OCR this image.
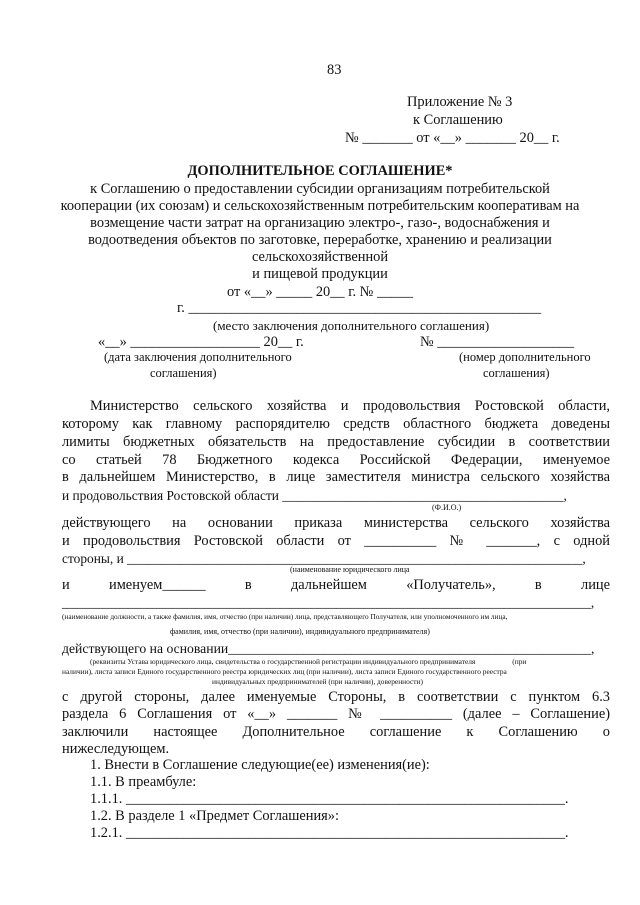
83
Приложение № 3
к Соглашению
№ _______ от «__» _______ 20__ г.
ДОПОЛНИТЕЛЬНОЕ СОГЛАШЕНИЕ*
к Соглашению о предоставлении субсидии организациям потребительской
кооперации (их союзам) и сельскохозяйственным потребительским кооперативам на
возмещение части затрат на организацию электро-, газо-, водоснабжения и
водоотведения объектов по заготовке, переработке, хранению и реализации
сельскохозяйственной
и пищевой продукции
от «__» _____ 20__ г. № _____
г. _________________________________________________
(место заключения дополнительного соглашения)
«__» __________________ 20__ г.	№ ___________________
(дата заключения дополнительного	(номер дополнительного
соглашения)	соглашения)
Министерство сельского хозяйства и продовольствия Ростовской области,
которому как главному распорядителю средств областного бюджета доведены
лимиты бюджетных обязательств на предоставление субсидии в соответствии
со статьей 78 Бюджетного кодекса Российской Федерации, именуемое
в дальнейшем Министерство, в лице заместителя министра сельского хозяйства
и продовольствия Ростовской области __________________________________________,
(Ф.И.О.)
действующего на основании приказа министерства сельского хозяйства
и продовольствия Ростовской области от __________ № _______, с одной
стороны, и ____________________________________________________________________,
(наименование юридического лица
и именуем______ в дальнейшем «Получатель», в лице
_______________________________________________________________________________,
(наименование должности, а также фамилия, имя, отчество (при наличии) лица, представляющего Получателя, или уполномоченного им лица,
фамилия, имя, отчество (при наличии), индивидуального предпринимателя)
действующего на основании_____________________________________________________,
(реквизиты Устава юридического лица, свидетельства о государственной регистрации индивидуального предпринимателя                    (при
наличии), листа записи Единого государственного реестра юридических лиц (при наличии), листа записи Единого государственного реестра
индивидуальных предпринимателей (при наличии), доверенности)
с другой стороны, далее именуемые Стороны, в соответствии с пунктом 6.3
раздела 6 Соглашения от «__» _______ № __________ (далее – Соглашение)
заключили настоящее Дополнительное соглашение к Соглашению о
нижеследующем.
1. Внести в Соглашение следующие(ее) изменения(ие):
1.1. В преамбуле:
1.1.1. _____________________________________________________________.
1.2. В разделе 1 «Предмет Соглашения»:
1.2.1. _____________________________________________________________.
